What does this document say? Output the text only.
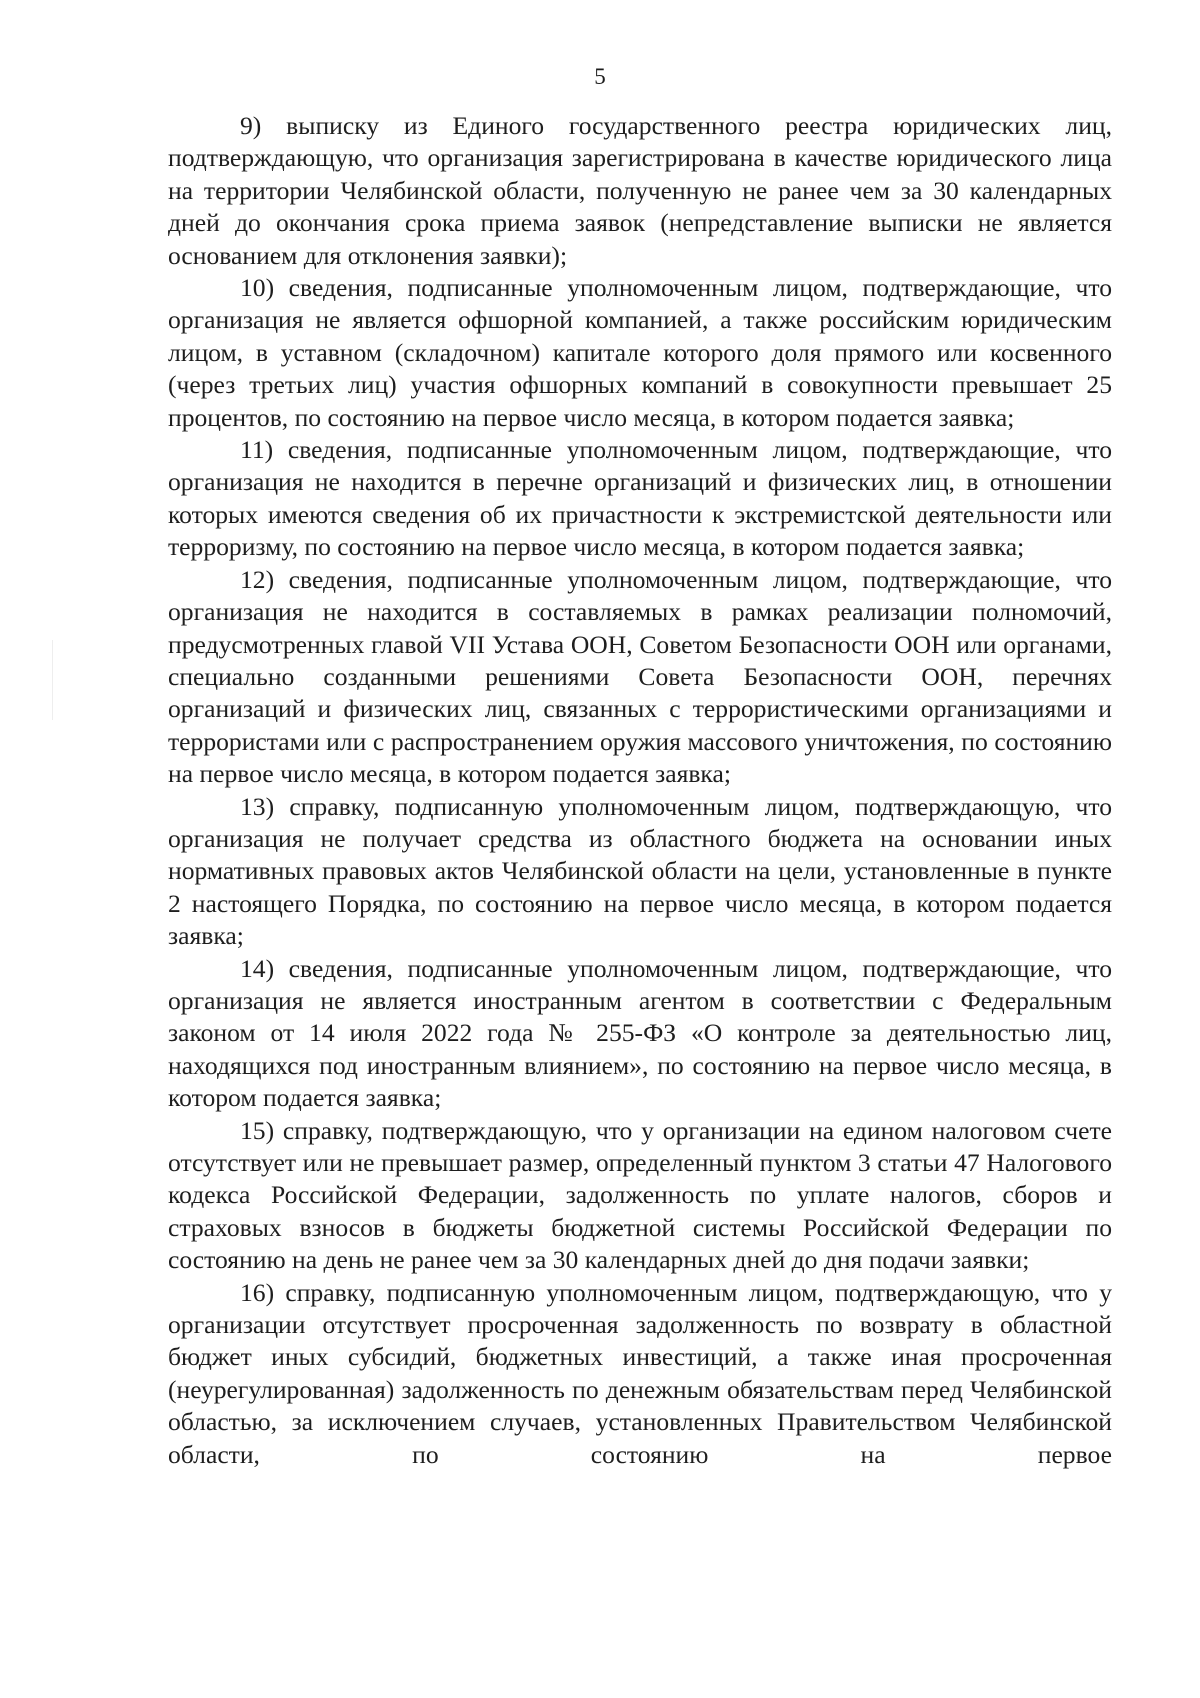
5

9) выписку из Единого государственного реестра юридических лиц, подтверждающую, что организация зарегистрирована в качестве юридического лица на территории Челябинской области, полученную не ранее чем за 30 календарных дней до окончания срока приема заявок (непредставление выписки не является основанием для отклонения заявки);

10) сведения, подписанные уполномоченным лицом, подтверждающие, что организация не является офшорной компанией, а также российским юридическим лицом, в уставном (складочном) капитале которого доля прямого или косвенного (через третьих лиц) участия офшорных компаний в совокупности превышает 25 процентов, по состоянию на первое число месяца, в котором подается заявка;

11) сведения, подписанные уполномоченным лицом, подтверждающие, что организация не находится в перечне организаций и физических лиц, в отношении которых имеются сведения об их причастности к экстремистской деятельности или терроризму, по состоянию на первое число месяца, в котором подается заявка;

12) сведения, подписанные уполномоченным лицом, подтверждающие, что организация не находится в составляемых в рамках реализации полномочий, предусмотренных главой VII Устава ООН, Советом Безопасности ООН или органами, специально созданными решениями Совета Безопасности ООН, перечнях организаций и физических лиц, связанных с террористическими организациями и террористами или с распространением оружия массового уничтожения, по состоянию на первое число месяца, в котором подается заявка;

13) справку, подписанную уполномоченным лицом, подтверждающую, что организация не получает средства из областного бюджета на основании иных нормативных правовых актов Челябинской области на цели, установленные в пункте 2 настоящего Порядка, по состоянию на первое число месяца, в котором подается заявка;

14) сведения, подписанные уполномоченным лицом, подтверждающие, что организация не является иностранным агентом в соответствии с Федеральным законом от 14 июля 2022 года № 255-ФЗ «О контроле за деятельностью лиц, находящихся под иностранным влиянием», по состоянию на первое число месяца, в котором подается заявка;

15) справку, подтверждающую, что у организации на едином налоговом счете отсутствует или не превышает размер, определенный пунктом 3 статьи 47 Налогового кодекса Российской Федерации, задолженность по уплате налогов, сборов и страховых взносов в бюджеты бюджетной системы Российской Федерации по состоянию на день не ранее чем за 30 календарных дней до дня подачи заявки;

16) справку, подписанную уполномоченным лицом, подтверждающую, что у организации отсутствует просроченная задолженность по возврату в областной бюджет иных субсидий, бюджетных инвестиций, а также иная просроченная (неурегулированная) задолженность по денежным обязательствам перед Челябинской областью, за исключением случаев, установленных Правительством Челябинской области, по состоянию на первое
